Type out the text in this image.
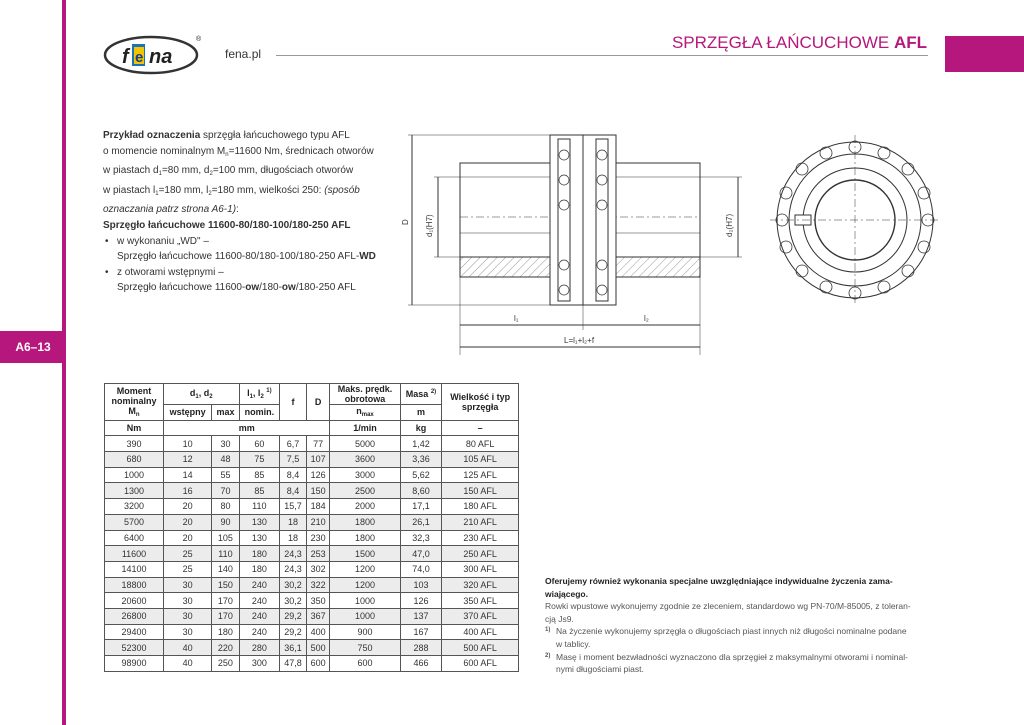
A6–13
f e na
®
fena.pl
SPRZĘGŁA ŁAŃCUCHOWE AFL
Przykład oznaczenia sprzęgła łańcuchowego typu AFL
o momencie nominalnym $M_n=11600$ Nm, średnicach otworów
w piastach $d_1=80$ mm, $d_2=100$ mm, długościach otworów
w piastach $l_1=180$ mm, $l_2=180$ mm, wielkości 250: (sposób
oznaczania patrz strona A6-1):
Sprzęgło łańcuchowe 11600-80/180-100/180-250 AFL
• w wykonaniu „WD" –
Sprzęgło łańcuchowe 11600-80/180-100/180-250 AFL-WD
• z otworami wstępnymi –
Sprzęgło łańcuchowe 11600-ow/180-ow/180-250 AFL
D d₁(H7)	d₂(H7)
l₁	l₂
L=l₁+l₂+f
Moment
nominalny
$M_n$	$d_1$, $d_2$		$l_1$, $l_2$ $^{1)}$	f	D	Maks. prędk.
obrotowa	Masa $^{2)}$	Wielkość i typ
sprzęgła
	wstępny	max	nomin.			$n_{max}$	m	
Nm	mm					1/min	kg	–
390	10	30	60	6,7	77	5000	1,42	80 AFL
680	12	48	75	7,5	107	3600	3,36	105 AFL
1000	14	55	85	8,4	126	3000	5,62	125 AFL
1300	16	70	85	8,4	150	2500	8,60	150 AFL
3200	20	80	110	15,7	184	2000	17,1	180 AFL
5700	20	90	130	18	210	1800	26,1	210 AFL
6400	20	105	130	18	230	1800	32,3	230 AFL
11600	25	110	180	24,3	253	1500	47,0	250 AFL
14100	25	140	180	24,3	302	1200	74,0	300 AFL
18800	30	150	240	30,2	322	1200	103	320 AFL
20600	30	170	240	30,2	350	1000	126	350 AFL
26800	30	170	240	29,2	367	1000	137	370 AFL
29400	30	180	240	29,2	400	900	167	400 AFL
52300	40	220	280	36,1	500	750	288	500 AFL
98900	40	250	300	47,8	600	600	466	600 AFL
Oferujemy również wykonania specjalne uwzględniające indywidualne życzenia zama-
wiającego.
Rowki wpustowe wykonujemy zgodnie ze zleceniem, standardowo wg PN-70/M-85005, z toleran-
cją Js9.
1) Na życzenie wykonujemy sprzęgła o długościach piast innych niż długości nominalne podane
w tablicy.
2) Masę i moment bezwładności wyznaczono dla sprzęgieł z maksymalnymi otworami i nominal-
nymi długościami piast.
